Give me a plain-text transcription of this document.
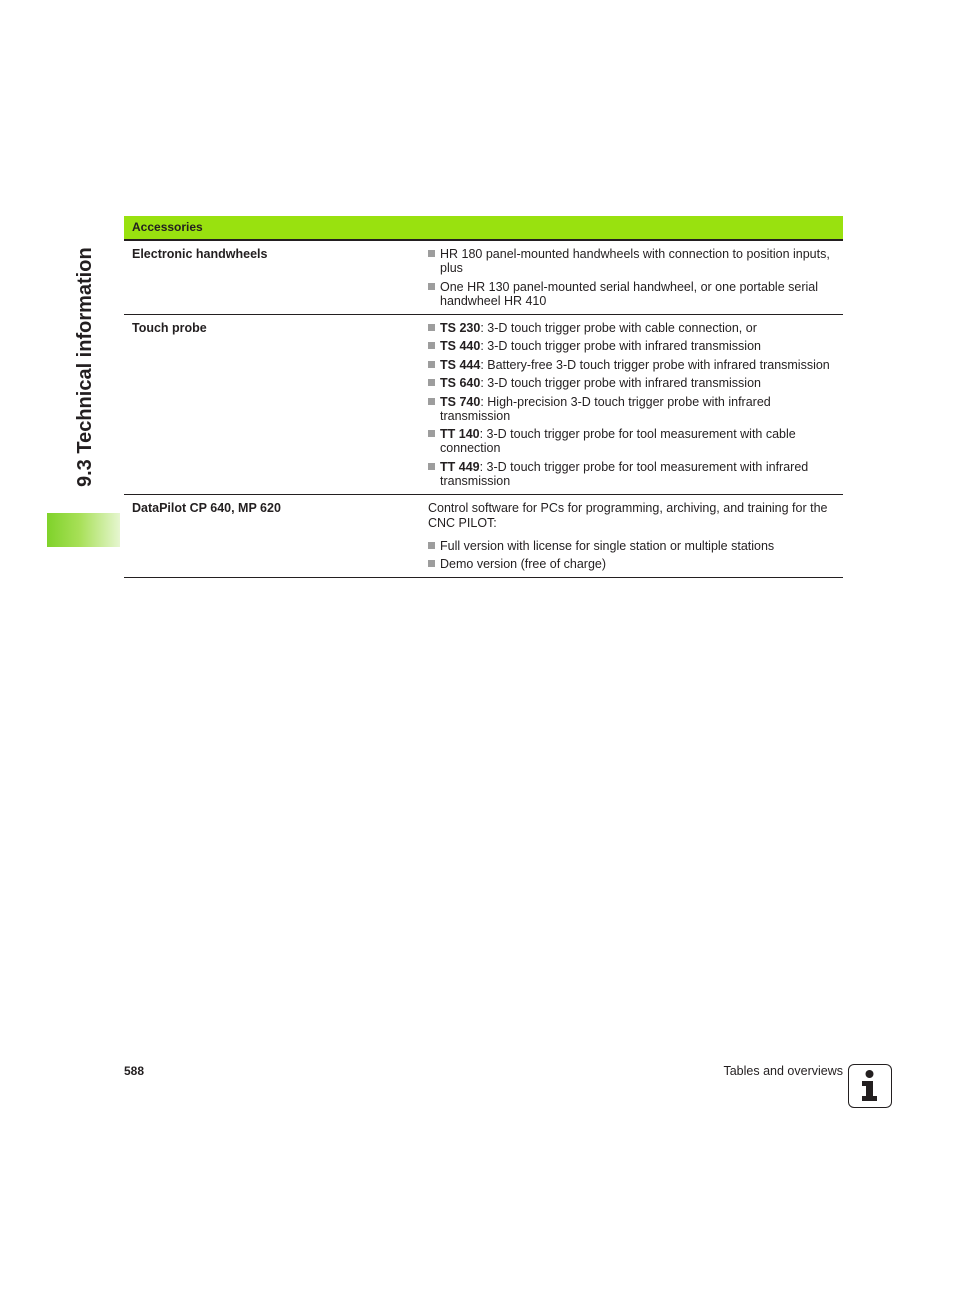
9.3 Technical information
Accessories
Electronic handwheels	HR 180 panel-mounted handwheels with connection to position inputs, plus
One HR 130 panel-mounted serial handwheel, or one portable serial handwheel HR 410
Touch probe	TS 230: 3-D touch trigger probe with cable connection, or
TS 440: 3-D touch trigger probe with infrared transmission
TS 444: Battery-free 3-D touch trigger probe with infrared transmission
TS 640: 3-D touch trigger probe with infrared transmission
TS 740: High-precision 3-D touch trigger probe with infrared transmission
TT 140: 3-D touch trigger probe for tool measurement with cable connection
TT 449: 3-D touch trigger probe for tool measurement with infrared transmission
DataPilot CP 640, MP 620	Control software for PCs for programming, archiving, and training for the CNC PILOT:
Full version with license for single station or multiple stations
Demo version (free of charge)
588	Tables and overviews
